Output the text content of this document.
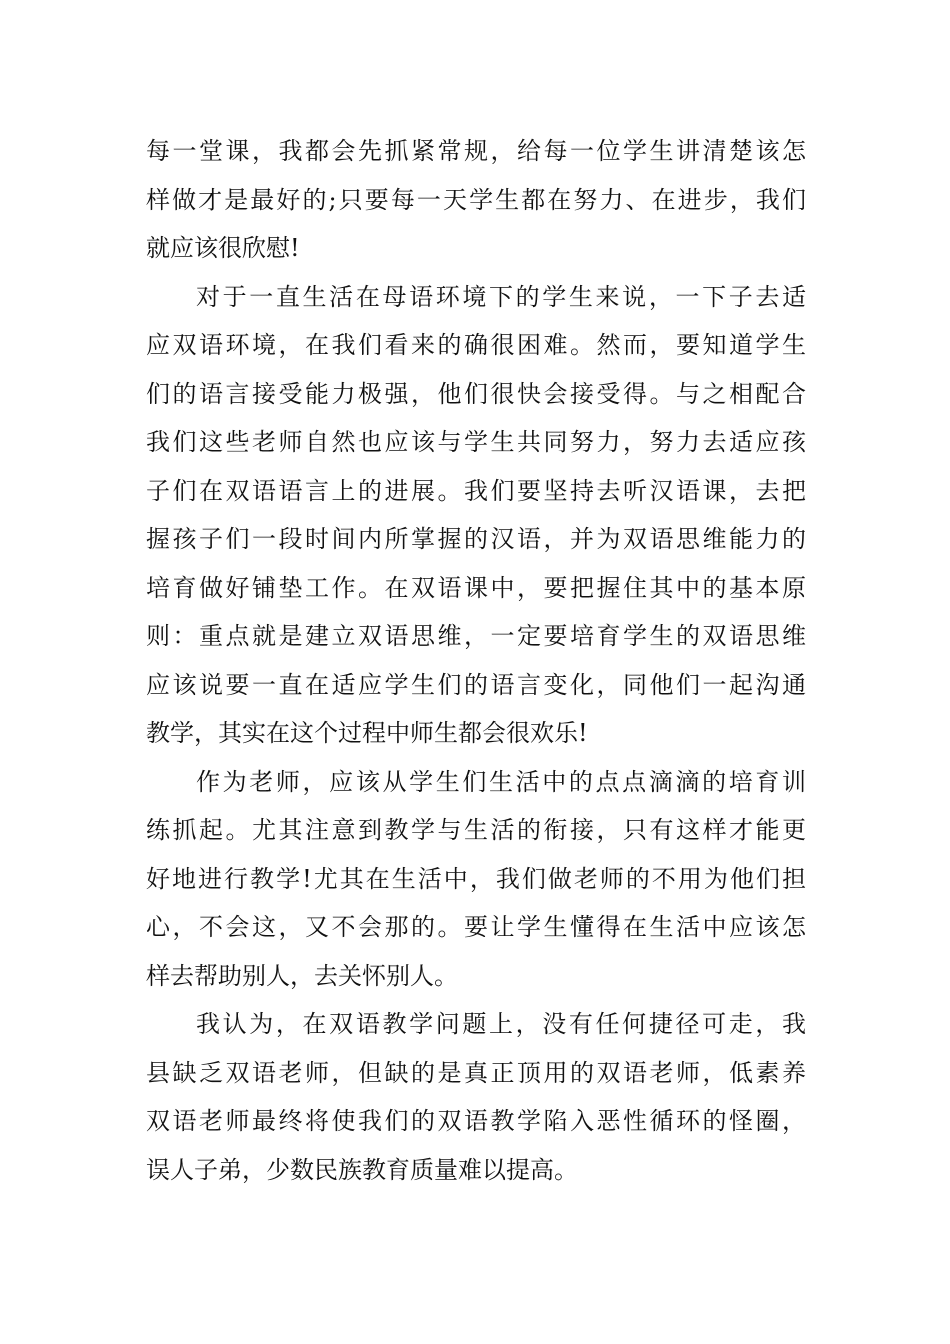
每一堂课，我都会先抓紧常规，给每一位学生讲清楚该怎
样做才是最好的;只要每一天学生都在努力、在进步，我们
就应该很欣慰!
对于一直生活在母语环境下的学生来说，一下子去适
应双语环境，在我们看来的确很困难。然而，要知道学生
们的语言接受能力极强，他们很快会接受得。与之相配合
我们这些老师自然也应该与学生共同努力，努力去适应孩
子们在双语语言上的进展。我们要坚持去听汉语课，去把
握孩子们一段时间内所掌握的汉语，并为双语思维能力的
培育做好铺垫工作。在双语课中，要把握住其中的基本原
则：重点就是建立双语思维，一定要培育学生的双语思维
应该说要一直在适应学生们的语言变化，同他们一起沟通
教学，其实在这个过程中师生都会很欢乐!
作为老师，应该从学生们生活中的点点滴滴的培育训
练抓起。尤其注意到教学与生活的衔接，只有这样才能更
好地进行教学!尤其在生活中，我们做老师的不用为他们担
心，不会这，又不会那的。要让学生懂得在生活中应该怎
样去帮助别人，去关怀别人。
我认为，在双语教学问题上，没有任何捷径可走，我
县缺乏双语老师，但缺的是真正顶用的双语老师，低素养
双语老师最终将使我们的双语教学陷入恶性循环的怪圈，
误人子弟，少数民族教育质量难以提高。
